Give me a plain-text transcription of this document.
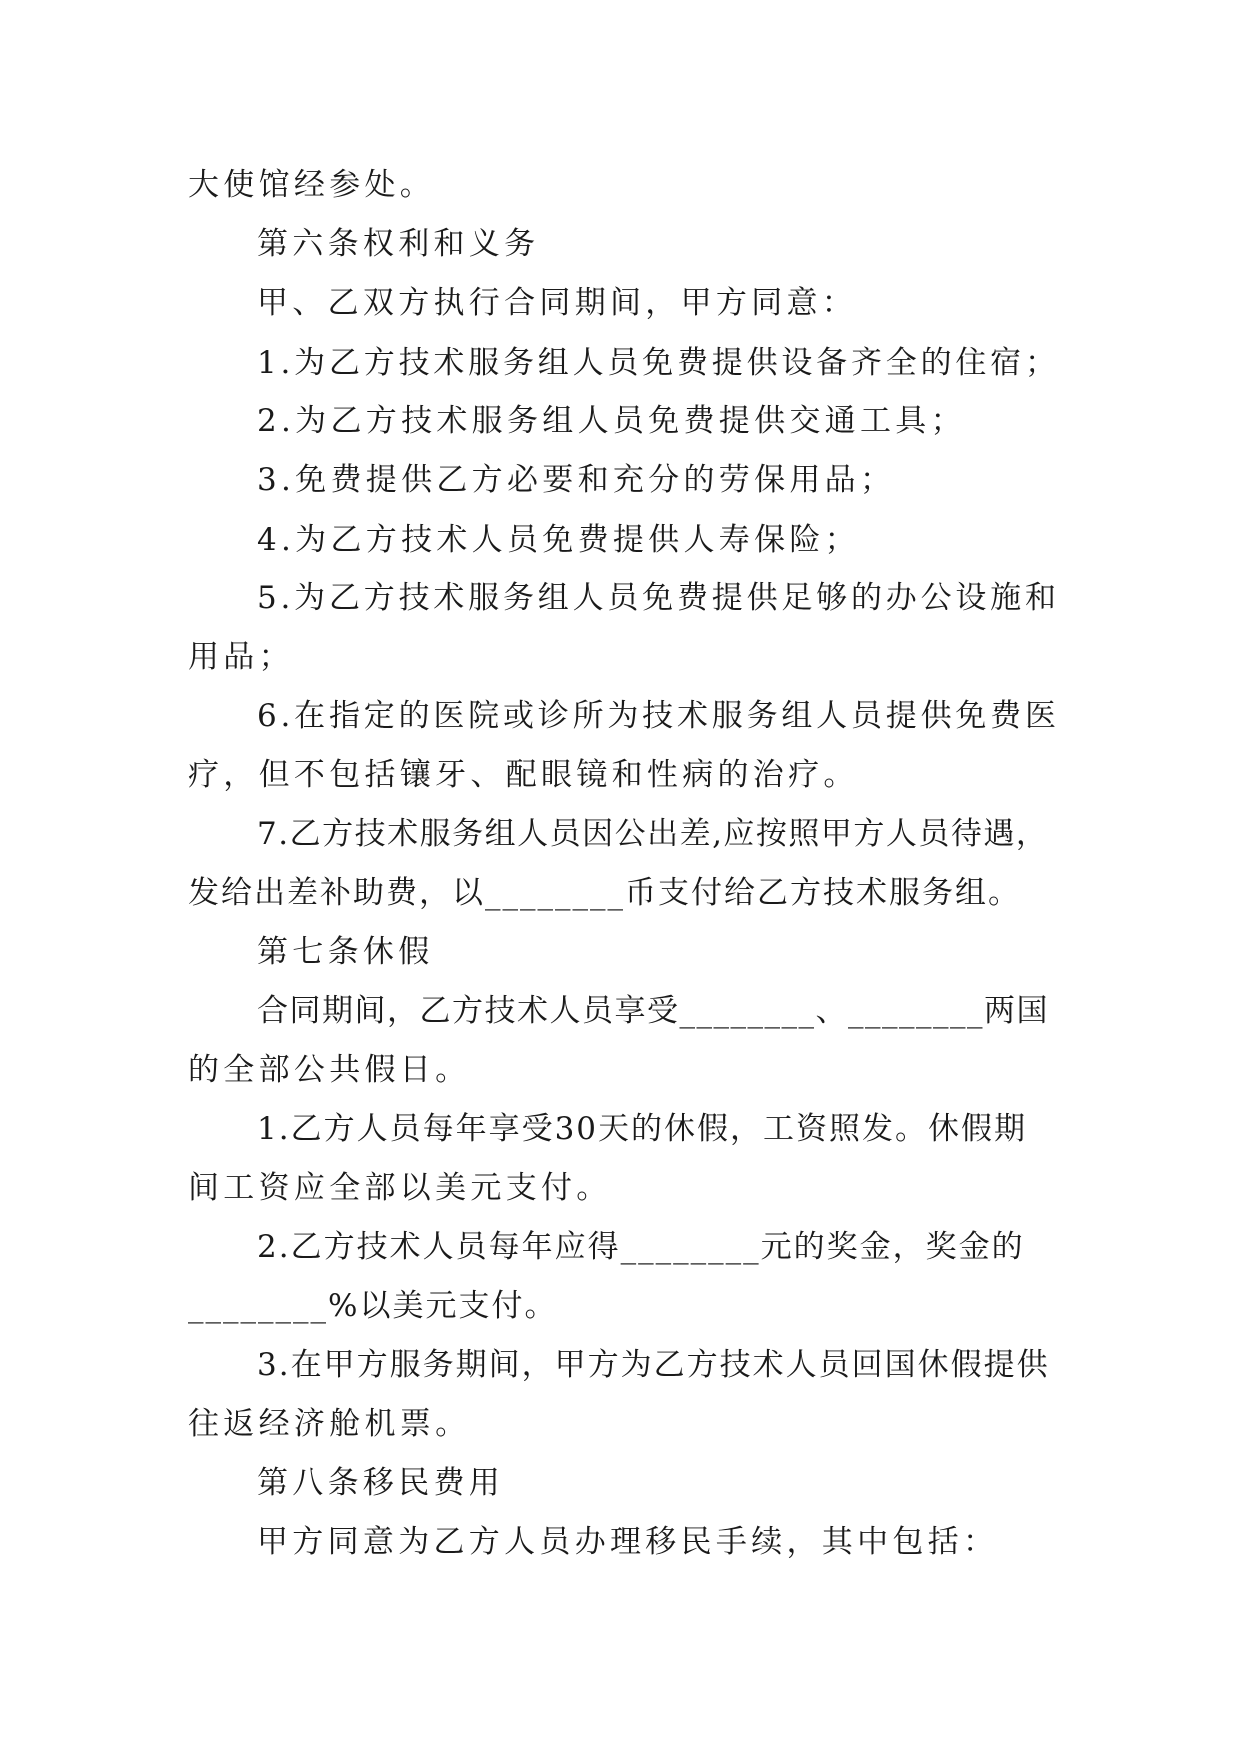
大使馆经参处。
第六条权利和义务
甲、乙双方执行合同期间，甲方同意：
1.为乙方技术服务组人员免费提供设备齐全的住宿；
2.为乙方技术服务组人员免费提供交通工具；
3.免费提供乙方必要和充分的劳保用品；
4.为乙方技术人员免费提供人寿保险；
5.为乙方技术服务组人员免费提供足够的办公设施和
用品；
6.在指定的医院或诊所为技术服务组人员提供免费医
疗，但不包括镶牙、配眼镜和性病的治疗。
7.乙方技术服务组人员因公出差,应按照甲方人员待遇，
发给出差补助费，以________币支付给乙方技术服务组。
第七条休假
合同期间，乙方技术人员享受________、________两国
的全部公共假日。
1.乙方人员每年享受30天的休假，工资照发。休假期
间工资应全部以美元支付。
2.乙方技术人员每年应得________元的奖金，奖金的
________%以美元支付。
3.在甲方服务期间，甲方为乙方技术人员回国休假提供
往返经济舱机票。
第八条移民费用
甲方同意为乙方人员办理移民手续，其中包括：
